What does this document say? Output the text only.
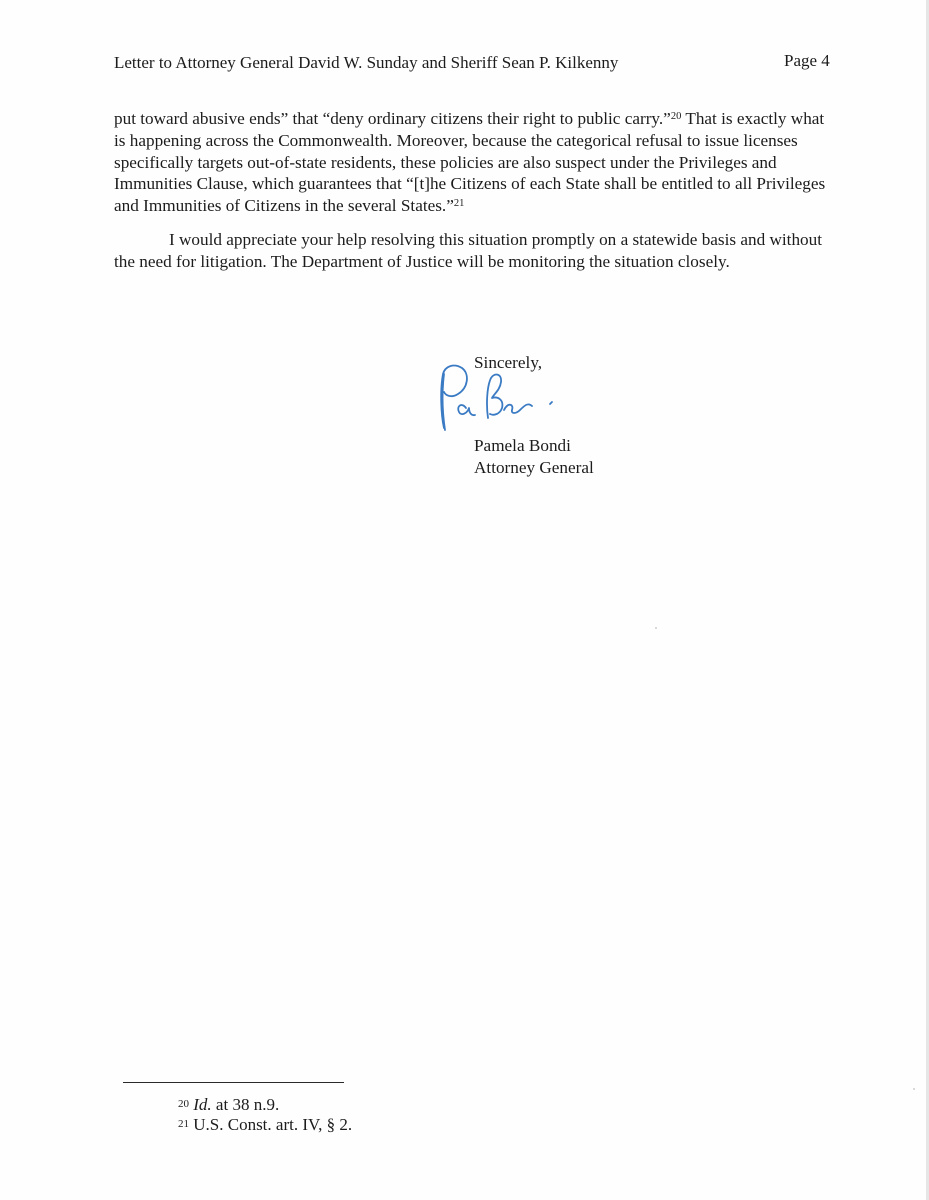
Letter to Attorney General David W. Sunday and Sheriff Sean P. Kilkenny	Page 4

put toward abusive ends” that “deny ordinary citizens their right to public carry.”$^{20}$ That is exactly what is happening across the Commonwealth. Moreover, because the categorical refusal to issue licenses specifically targets out-of-state residents, these policies are also suspect under the Privileges and Immunities Clause, which guarantees that “[t]he Citizens of each State shall be entitled to all Privileges and Immunities of Citizens in the several States.”$^{21}$

I would appreciate your help resolving this situation promptly on a statewide basis and without the need for litigation. The Department of Justice will be monitoring the situation closely.

Sincerely,
Pamela Bondi
Attorney General
$^{20}$ Id. at 38 n.9.
$^{21}$ U.S. Const. art. IV, § 2.
